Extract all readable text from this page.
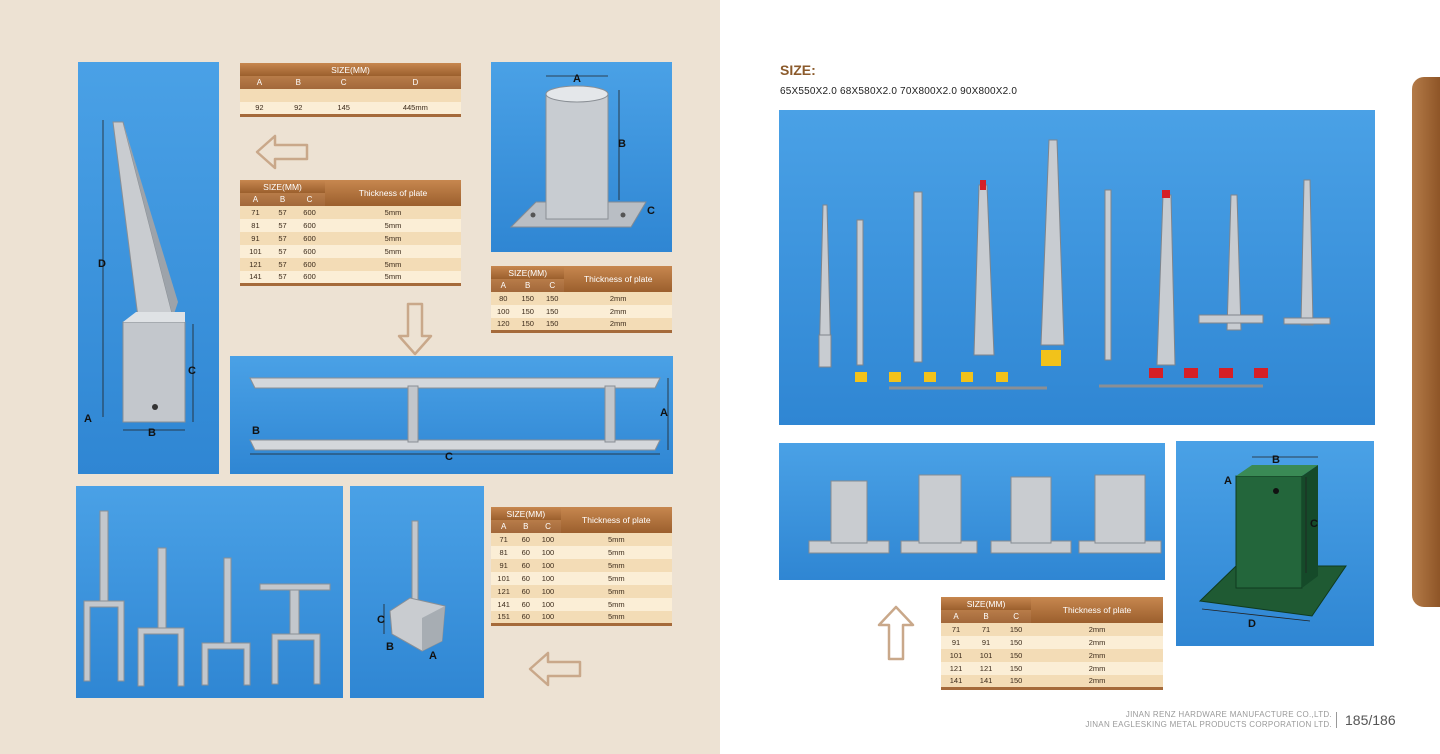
D
C
A
B
SIZE(MM)			
A	B	C	D

92	92	145	445mm
SIZE(MM)			Thickness of plate
A	B	C	
71	57	600	5mm
81	57	600	5mm
91	57	600	5mm
101	57	600	5mm
121	57	600	5mm
141	57	600	5mm
A
B
C
SIZE(MM)			Thickness of plate
A	B	C	
80	150	150	2mm
100	150	150	2mm
120	150	150	2mm
C
A
B
C
B
A
SIZE(MM)			Thickness of plate
A	B	C	
71	60	100	5mm
81	60	100	5mm
91	60	100	5mm
101	60	100	5mm
121	60	100	5mm
141	60	100	5mm
151	60	100	5mm
SIZE:
65X550X2.0 68X580X2.0 70X800X2.0 90X800X2.0
B
A
C
D
SIZE(MM)			Thickness of plate
A	B	C	
71	71	150	2mm
91	91	150	2mm
101	101	150	2mm
121	121	150	2mm
141	141	150	2mm
JINAN RENZ HARDWARE MANUFACTURE CO.,LTD.
JINAN EAGLESKING METAL PRODUCTS CORPORATION LTD. 185/186
